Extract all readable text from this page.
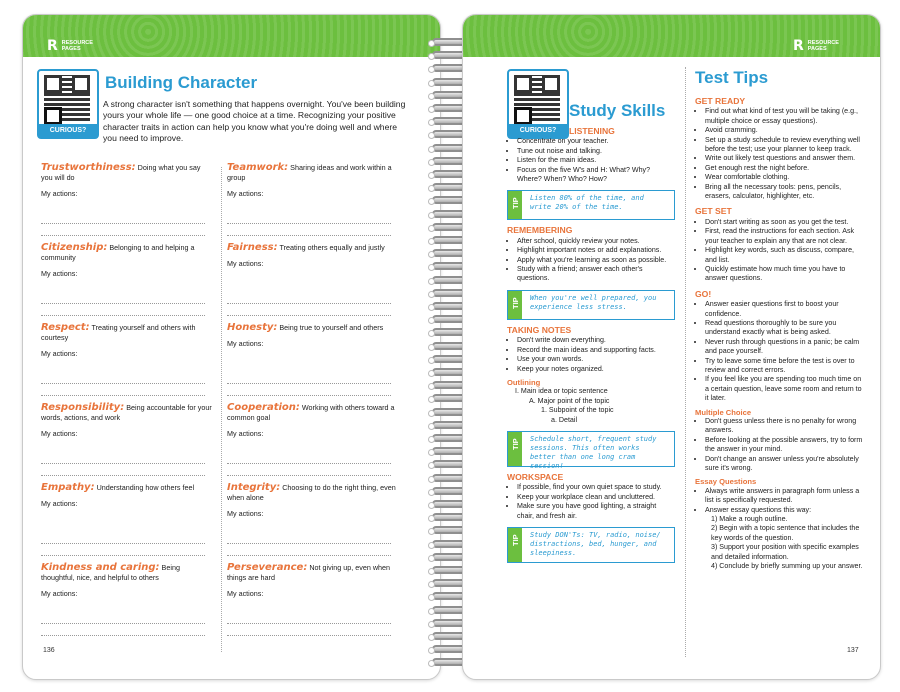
R RESOURCE PAGES
CURIOUS?
Building Character
A strong character isn't something that happens overnight. You've been building yours your whole life — one good choice at a time. Recognizing your positive character traits in action can help you know what you're doing well and where you need to improve.
Trustworthiness: Doing what you say you will do
My actions:
Citizenship: Belonging to and helping a community
My actions:
Respect: Treating yourself and others with courtesy
My actions:
Responsibility: Being accountable for your words, actions, and work
My actions:
Empathy: Understanding how others feel
My actions:
Kindness and caring: Being thoughtful, nice, and helpful to others
My actions:
Teamwork: Sharing ideas and work within a group
My actions:
Fairness: Treating others equally and justly
My actions:
Honesty: Being true to yourself and others
My actions:
Cooperation: Working with others toward a common goal
My actions:
Integrity: Choosing to do the right thing, even when alone
My actions:
Perseverance: Not giving up, even when things are hard
My actions:
136
R RESOURCE PAGES
CURIOUS?
Study Skills
LISTENING
• Concentrate on your teacher.
• Tune out noise and talking.
• Listen for the main ideas.
• Focus on the five W's and H: What? Why? Where? When? Who? How?
TIP Listen 80% of the time, and write 20% of the time.
REMEMBERING
• After school, quickly review your notes.
• Highlight important notes or add explanations.
• Apply what you're learning as soon as possible.
• Study with a friend; answer each other's questions.
TIP When you're well prepared, you experience less stress.
TAKING NOTES
• Don't write down everything.
• Record the main ideas and supporting facts.
• Use your own words.
• Keep your notes organized.
Outlining
I. Main idea or topic sentence
A. Major point of the topic
1. Subpoint of the topic
a. Detail
TIP Schedule short, frequent study sessions. This often works better than one long cram session!
WORKSPACE
• If possible, find your own quiet space to study.
• Keep your workplace clean and uncluttered.
• Make sure you have good lighting, a straight chair, and fresh air.
TIP Study DON'Ts: TV, radio, noise/ distractions, bed, hunger, and sleepiness.
Test Tips
GET READY
• Find out what kind of test you will be taking (e.g., multiple choice or essay questions).
• Avoid cramming.
• Set up a study schedule to review everything well before the test; use your planner to keep track.
• Write out likely test questions and answer them.
• Get enough rest the night before.
• Wear comfortable clothing.
• Bring all the necessary tools: pens, pencils, erasers, calculator, highlighter, etc.
GET SET
• Don't start writing as soon as you get the test.
• First, read the instructions for each section. Ask your teacher to explain any that are not clear.
• Highlight key words, such as discuss, compare, and list.
• Quickly estimate how much time you have to answer questions.
GO!
• Answer easier questions first to boost your confidence.
• Read questions thoroughly to be sure you understand exactly what is being asked.
• Never rush through questions in a panic; be calm and pace yourself.
• Try to leave some time before the test is over to review and correct errors.
• If you feel like you are spending too much time on a certain question, leave some room and return to it later.
Multiple Choice
• Don't guess unless there is no penalty for wrong answers.
• Before looking at the possible answers, try to form the answer in your mind.
• Don't change an answer unless you're absolutely sure it's wrong.
Essay Questions
• Always write answers in paragraph form unless a list is specifically requested.
• Answer essay questions this way:
1) Make a rough outline.
2) Begin with a topic sentence that includes the key words of the question.
3) Support your position with specific examples and detailed information.
4) Conclude by briefly summing up your answer.
137
